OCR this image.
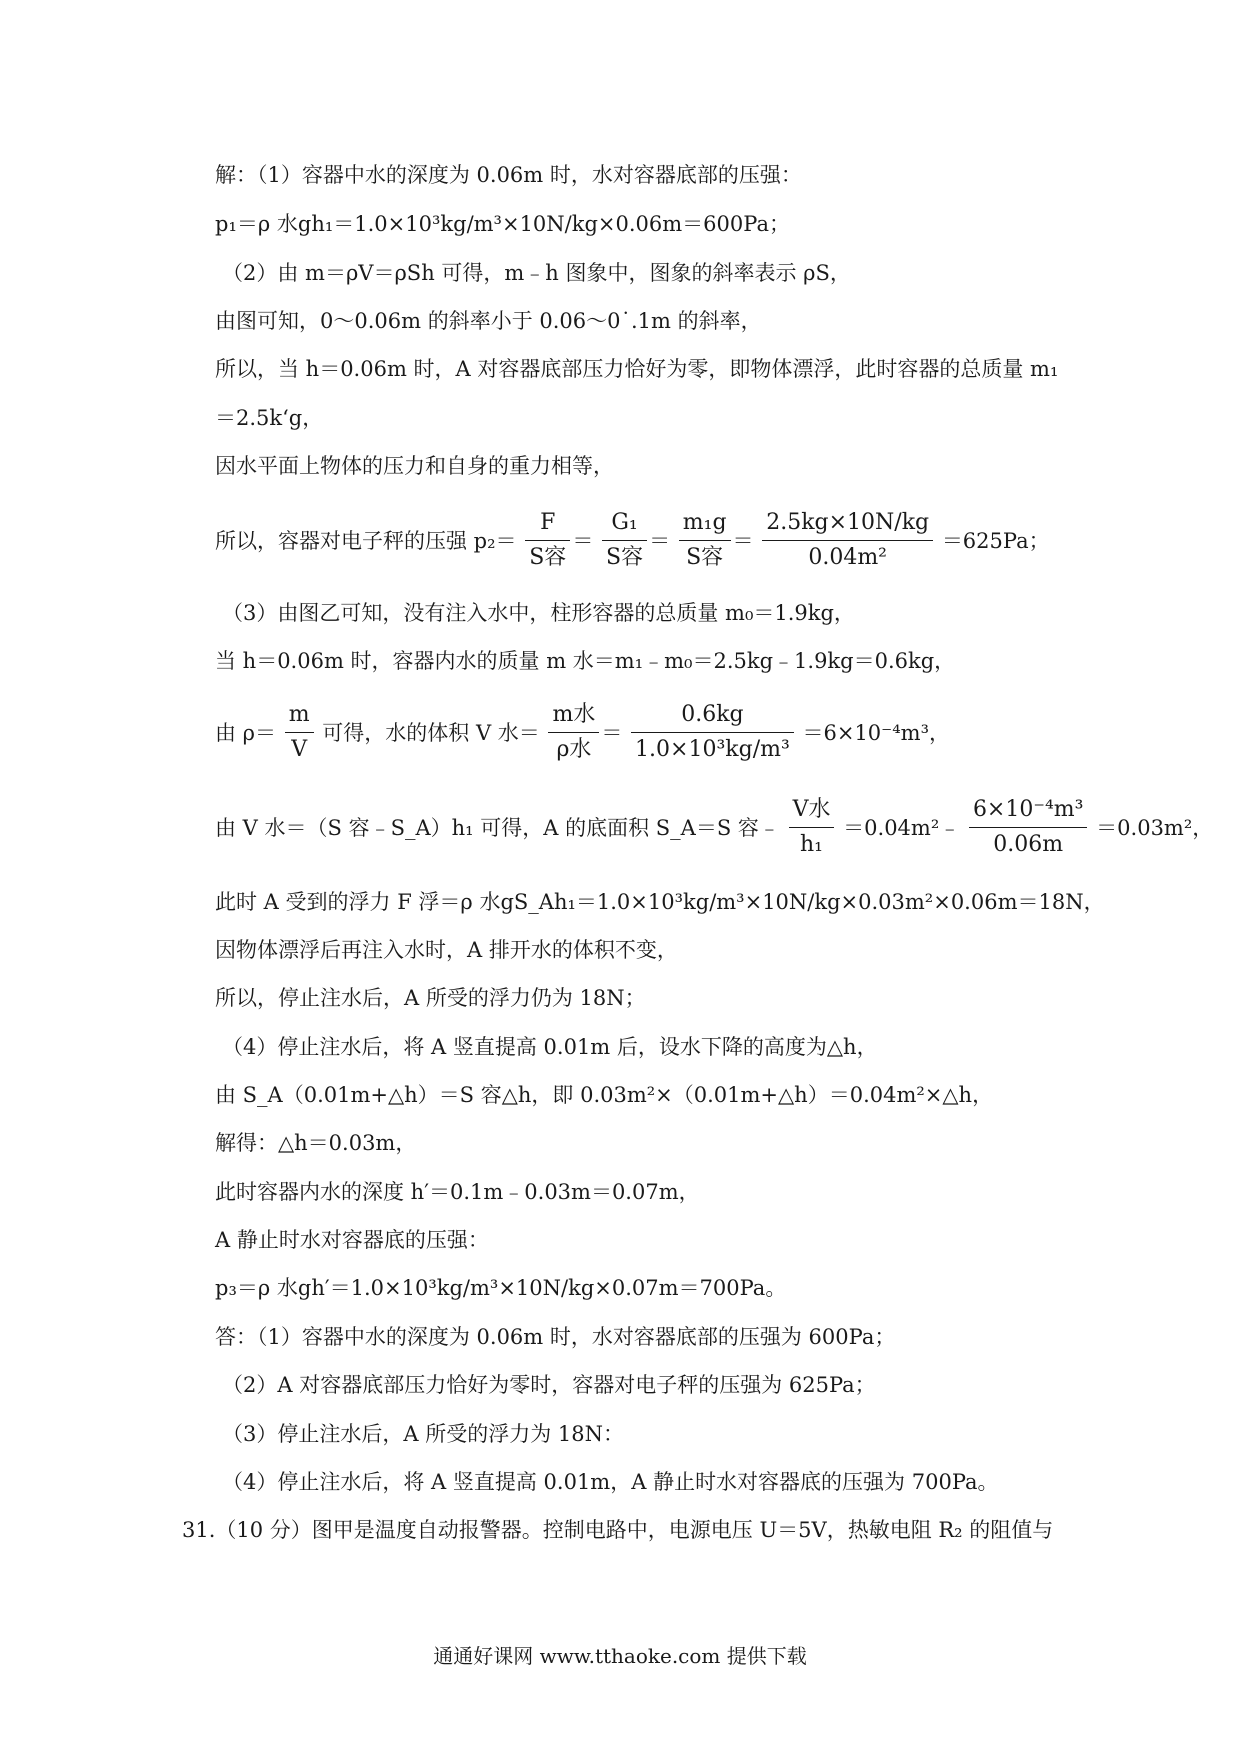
解：（1）容器中水的深度为 0.06m 时，水对容器底部的压强：
p₁＝ρ 水gh₁＝1.0×10³kg/m³×10N/kg×0.06m＝600Pa；
（2）由 m＝ρV＝ρSh 可得，m﹣h 图象中，图象的斜率表示 ρS，
由图可知，0～0.06m 的斜率小于 0.06～0˙.1m 的斜率，
所以，当 h＝0.06m 时，A 对容器底部压力恰好为零，即物体漂浮，此时容器的总质量 m₁
＝2.5k‘g，
因水平面上物体的压力和自身的重力相等，
所以，容器对电子秤的压强 $p_2= \frac{F}{\text{S容}} = \frac{\text{G₁}}{\text{S容}} = \frac{\text{m₁g}}{\text{S容}} = \frac{2.5kg\times 10N/kg}{\text{0.04m²}} =625Pa$；
（3）由图乙可知，没有注入水中，柱形容器的总质量 m₀＝1.9kg，
当 h＝0.06m 时，容器内水的质量 m 水＝m₁﹣m₀＝2.5kg﹣1.9kg＝0.6kg，
由 $\rho= \frac{m}{V}$ 可得，水的体积 V 水＝ $\frac{\text{m水}}{\text{ρ水}} = \frac{0.6kg}{\text{1.0×10³kg/m³}} =6\times 10^{-4}m^3$，
由 V 水＝（S 容﹣S_A）h₁ 可得，A 的底面积 S_A＝S 容﹣ $\frac{\text{V水}}{\text{h₁}}$ ＝0.04m²﹣ $\frac{\text{6×10⁻⁴m³}}{0.06m} =0.03m^2$，
此时 A 受到的浮力 F 浮＝ρ 水gS_Ah₁＝1.0×10³kg/m³×10N/kg×0.03m²×0.06m＝18N，
因物体漂浮后再注入水时，A 排开水的体积不变，
所以，停止注水后，A 所受的浮力仍为 18N；
（4）停止注水后，将 A 竖直提高 0.01m 后，设水下降的高度为△h，
由 S_A（0.01m+△h）＝S 容△h，即 0.03m²×（0.01m+△h）＝0.04m²×△h，
解得：△h＝0.03m，
此时容器内水的深度 h′＝0.1m﹣0.03m＝0.07m，
A 静止时水对容器底的压强：
p₃＝ρ 水gh′＝1.0×10³kg/m³×10N/kg×0.07m＝700Pa。
答：（1）容器中水的深度为 0.06m 时，水对容器底部的压强为 600Pa；
（2）A 对容器底部压力恰好为零时，容器对电子秤的压强为 625Pa；
（3）停止注水后，A 所受的浮力为 18N：
（4）停止注水后，将 A 竖直提高 0.01m，A 静止时水对容器底的压强为 700Pa。
31.（10 分）图甲是温度自动报警器。控制电路中，电源电压 U＝5V，热敏电阻 R₂ 的阻值与
通通好课网 www.tthaoke.com 提供下载
